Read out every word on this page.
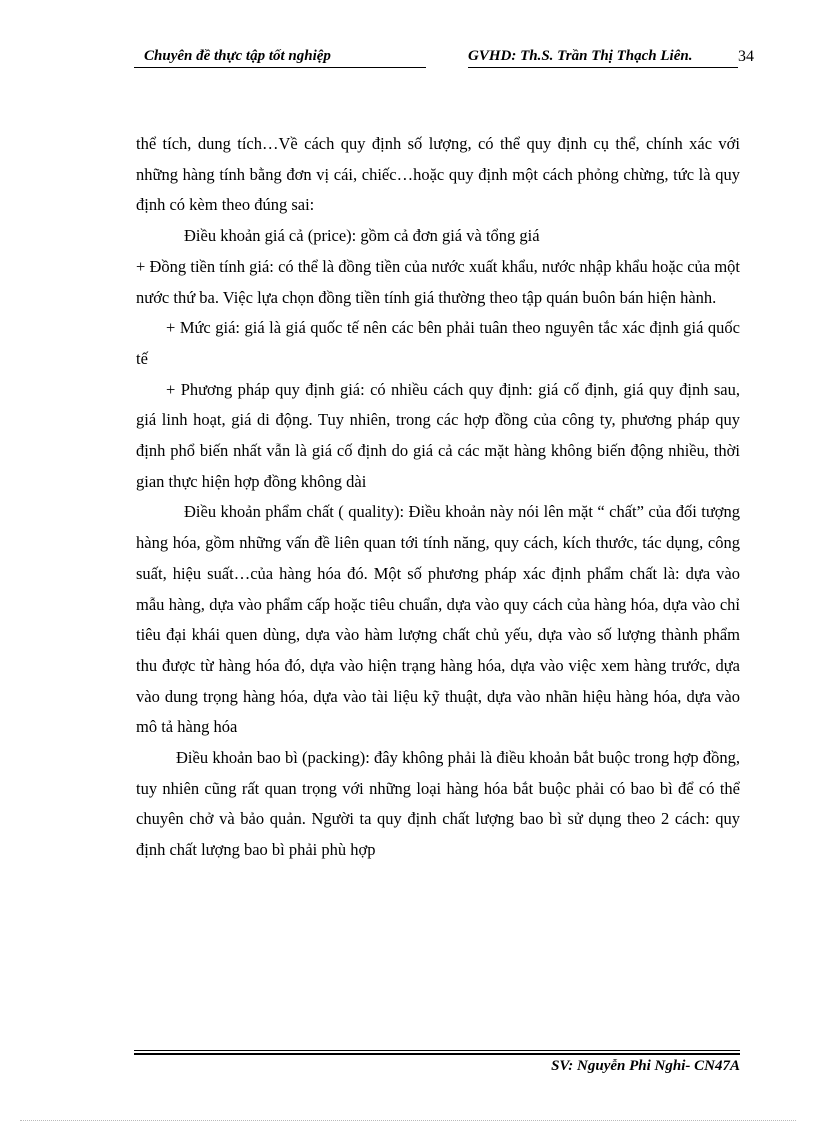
Chuyên đề thực tập tốt nghiệp	GVHD: Th.S. Trần Thị Thạch Liên.	34

thể tích, dung tích…Về cách quy định số lượng, có thể quy định cụ thể, chính xác với những hàng tính bằng đơn vị cái, chiếc…hoặc quy định một cách phỏng chừng, tức là quy định có kèm theo đúng sai:

Điều khoản giá cả (price): gồm cả đơn giá và tổng giá

+ Đồng tiền tính giá: có thể là đồng tiền của nước xuất khẩu, nước nhập khẩu hoặc của một nước thứ ba. Việc lựa chọn đồng tiền tính giá thường theo tập quán buôn bán hiện hành.

+ Mức giá: giá là giá quốc tế nên các bên phải tuân theo nguyên tắc xác định giá quốc tế

+ Phương pháp quy định giá: có nhiều cách quy định: giá cố định, giá quy định sau, giá linh hoạt, giá di động. Tuy nhiên, trong các hợp đồng của công ty, phương pháp quy định phổ biến nhất vẫn là giá cố định do giá cả các mặt hàng không biến động nhiều, thời gian thực hiện hợp đồng không dài

Điều khoản phẩm chất ( quality): Điều khoản này nói lên mặt “ chất” của đối tượng hàng hóa, gồm những vấn đề liên quan tới tính năng, quy cách, kích thước, tác dụng, công suất, hiệu suất…của hàng hóa đó. Một số phương pháp xác định phẩm chất là: dựa vào mẫu hàng, dựa vào phẩm cấp hoặc tiêu chuẩn, dựa vào quy cách của hàng hóa, dựa vào chỉ tiêu đại khái quen dùng, dựa vào hàm lượng chất chủ yếu, dựa vào số lượng thành phẩm thu được từ hàng hóa đó, dựa vào hiện trạng hàng hóa, dựa vào việc xem hàng trước, dựa vào dung trọng hàng hóa, dựa vào tài liệu kỹ thuật, dựa vào nhãn hiệu hàng hóa, dựa vào mô tả hàng hóa

Điều khoản bao bì (packing): đây không phải là điều khoản bắt buộc trong hợp đồng, tuy nhiên cũng rất quan trọng với những loại hàng hóa bắt buộc phải có bao bì để có thể chuyên chở và bảo quản. Người ta quy định chất lượng bao bì sử dụng theo 2 cách: quy định chất lượng bao bì phải phù hợp

SV: Nguyễn Phi Nghi- CN47A
